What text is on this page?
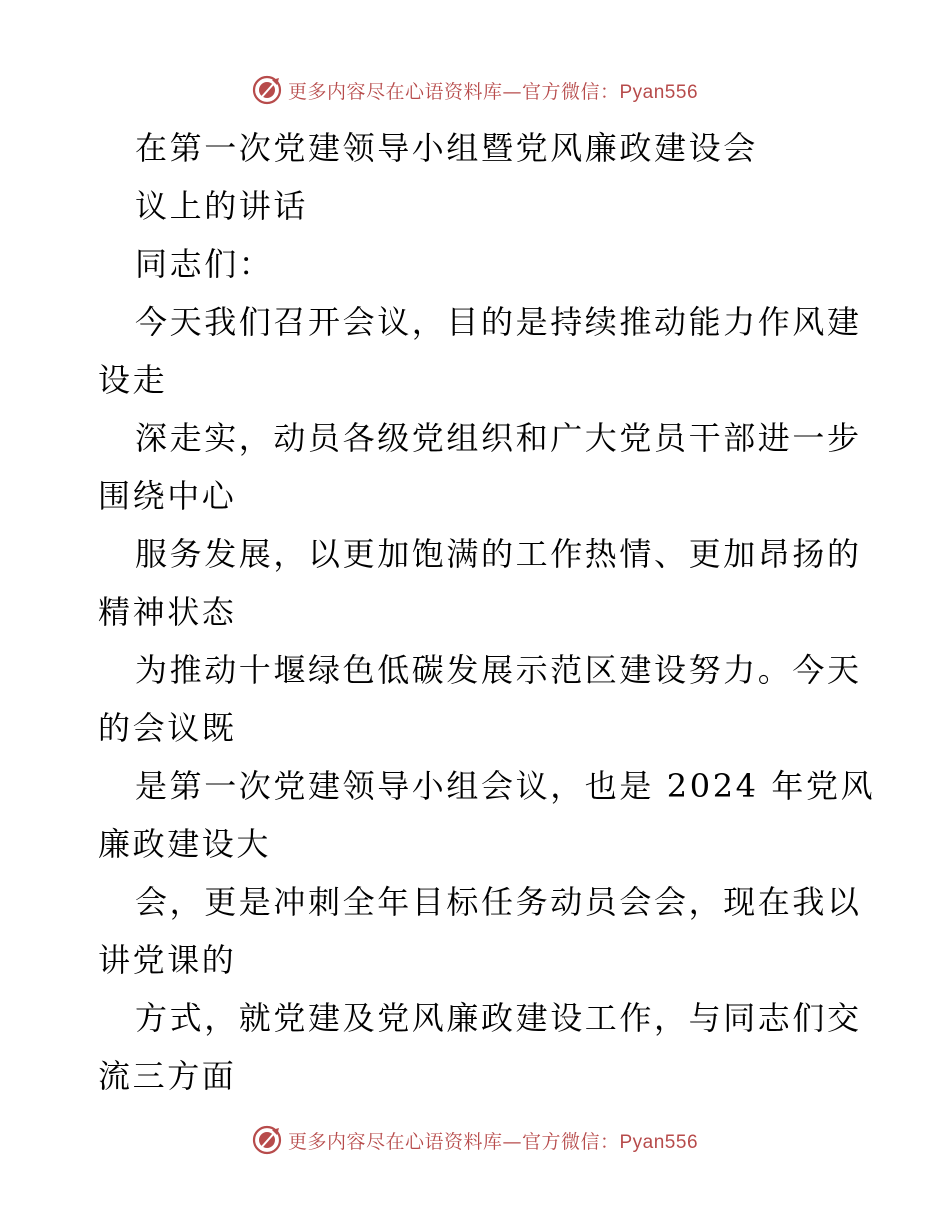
更多内容尽在心语资料库—官方微信：Pyan556
在第一次党建领导小组暨党风廉政建设会
议上的讲话
同志们：
今天我们召开会议，目的是持续推动能力作风建
设走
深走实，动员各级党组织和广大党员干部进一步
围绕中心
服务发展，以更加饱满的工作热情、更加昂扬的
精神状态
为推动十堰绿色低碳发展示范区建设努力。今天
的会议既
是第一次党建领导小组会议，也是 2024 年党风
廉政建设大
会，更是冲刺全年目标任务动员会会，现在我以
讲党课的
方式，就党建及党风廉政建设工作，与同志们交
流三方面
更多内容尽在心语资料库—官方微信：Pyan556
